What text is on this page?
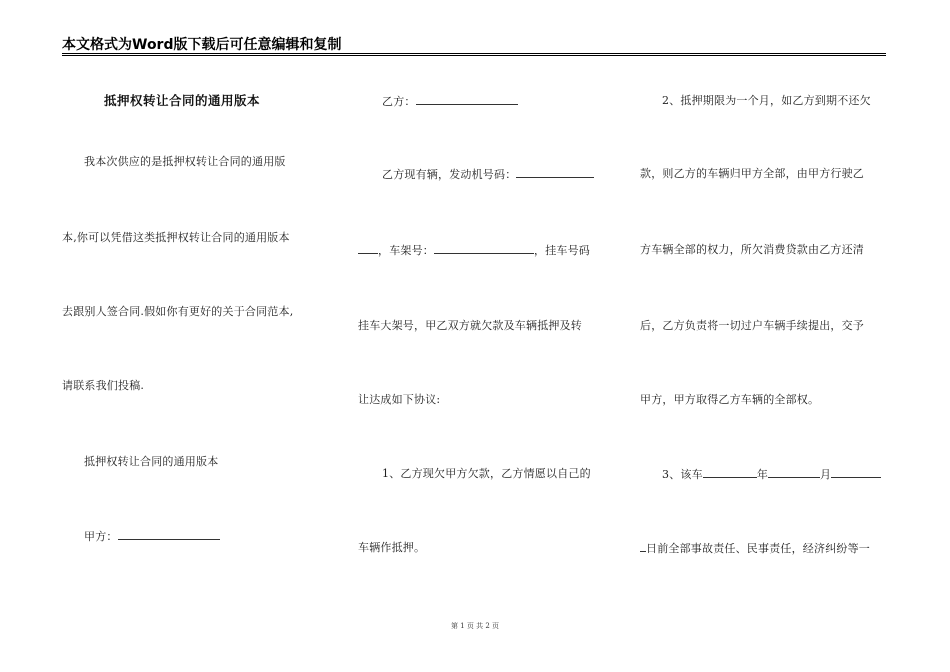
本文格式为Word版下载后可任意编辑和复制
抵押权转让合同的通用版本
我本次供应的是抵押权转让合同的通用版
本,你可以凭借这类抵押权转让合同的通用版本
去跟别人签合同.假如你有更好的关于合同范本,
请联系我们投稿.
抵押权转让合同的通用版本
甲方：
乙方：
乙方现有辆，发动机号码：
，车架号：	，挂车号码
挂车大架号，甲乙双方就欠款及车辆抵押及转
让达成如下协议:
1、乙方现欠甲方欠款，乙方情愿以自己的
车辆作抵押。
2、抵押期限为一个月，如乙方到期不还欠
款，则乙方的车辆归甲方全部，由甲方行驶乙
方车辆全部的权力，所欠消费贷款由乙方还清
后，乙方负责将一切过户车辆手续提出，交予
甲方，甲方取得乙方车辆的全部权。
3、该车	年	月
日前全部事故责任、民事责任，经济纠纷等一
第 1 页 共 2 页
